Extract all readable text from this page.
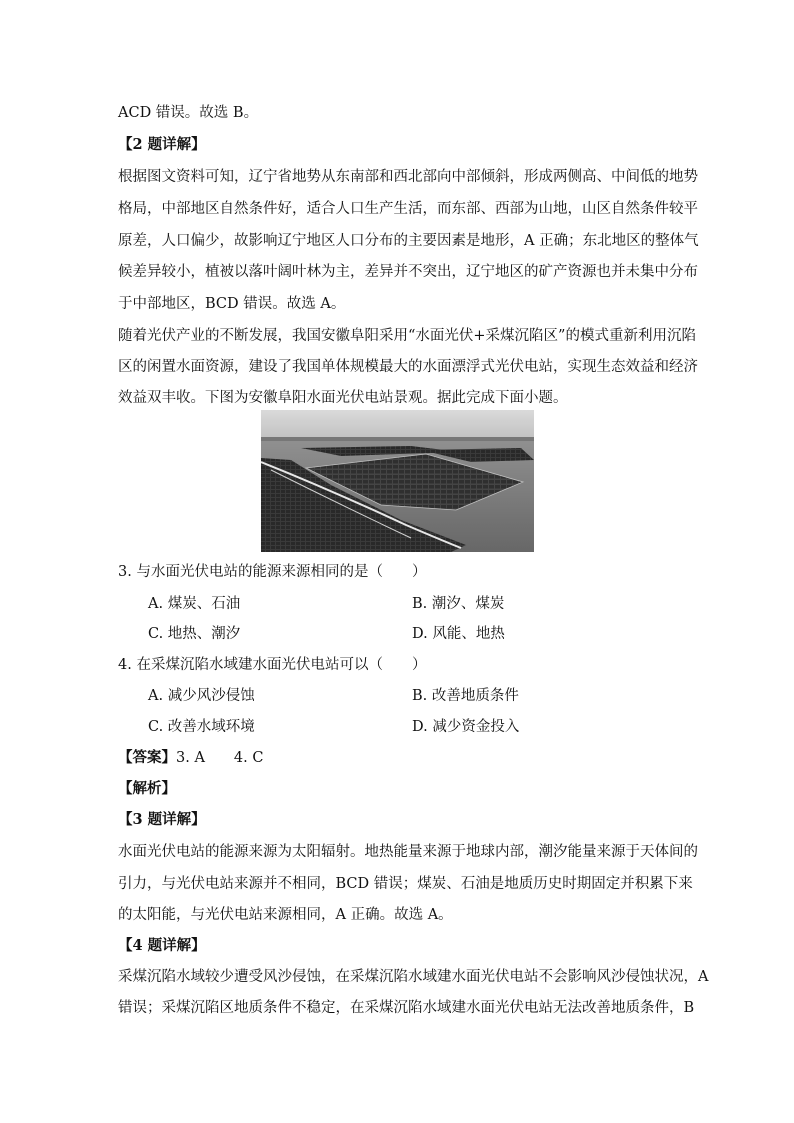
ACD 错误。故选 B。
【2 题详解】
根据图文资料可知，辽宁省地势从东南部和西北部向中部倾斜，形成两侧高、中间低的地势
格局，中部地区自然条件好，适合人口生产生活，而东部、西部为山地，山区自然条件较平
原差，人口偏少，故影响辽宁地区人口分布的主要因素是地形，A 正确；东北地区的整体气
候差异较小，植被以落叶阔叶林为主，差异并不突出，辽宁地区的矿产资源也并未集中分布
于中部地区，BCD 错误。故选 A。
随着光伏产业的不断发展，我国安徽阜阳采用“水面光伏+采煤沉陷区”的模式重新利用沉陷
区的闲置水面资源，建设了我国单体规模最大的水面漂浮式光伏电站，实现生态效益和经济
效益双丰收。下图为安徽阜阳水面光伏电站景观。据此完成下面小题。
3. 与水面光伏电站的能源来源相同的是（　　）
A. 煤炭、石油	B. 潮汐、煤炭
C. 地热、潮汐	D. 风能、地热
4. 在采煤沉陷水域建水面光伏电站可以（　　）
A. 减少风沙侵蚀	B. 改善地质条件
C. 改善水域环境	D. 减少资金投入
【答案】3. A　　4. C
【解析】
【3 题详解】
水面光伏电站的能源来源为太阳辐射。地热能量来源于地球内部，潮汐能量来源于天体间的
引力，与光伏电站来源并不相同，BCD 错误；煤炭、石油是地质历史时期固定并积累下来
的太阳能，与光伏电站来源相同，A 正确。故选 A。
【4 题详解】
采煤沉陷水域较少遭受风沙侵蚀，在采煤沉陷水域建水面光伏电站不会影响风沙侵蚀状况，A
错误；采煤沉陷区地质条件不稳定，在采煤沉陷水域建水面光伏电站无法改善地质条件，B
